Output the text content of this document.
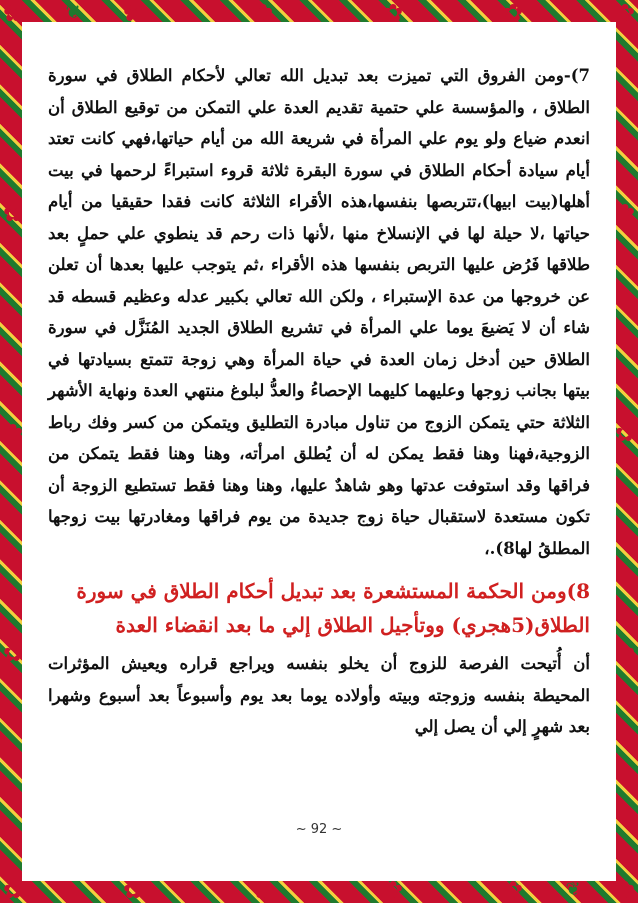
✿	✿
✿	✿
✿	✿	✿	✿
✿	✿	✿	✿
✿
✿
✿
✿
✿
✿
❦
❦

7)-ومن الفروق التي تميزت بعد تبديل الله تعالي لأحكام الطلاق في سورة الطلاق ، والمؤسسة علي حتمية تقديم العدة علي التمكن من توقيع الطلاق أن انعدم ضياع ولو يوم علي المرأة في شريعة الله من أيام حياتها،فهي كانت تعتد أيام سيادة أحكام الطلاق في سورة البقرة ثلاثة قروء استبراءً لرحمها في بيت أهلها(بيت ابيها)،تتربصها بنفسها،هذه الأقراء الثلاثة كانت فقدا حقيقيا من أيام حياتها ،لا حيلة لها في الإنسلاخ منها ،لأنها ذات رحم قد ينطوي علي حملٍ بعد طلاقها فَرُض عليها التربص بنفسها هذه الأقراء ،ثم يتوجب عليها بعدها أن تعلن عن خروجها من عدة الإستبراء ، ولكن الله تعالي بكبير عدله وعظيم قسطه قد شاء أن لا يَضيعَ يوما علي المرأة في تشريع الطلاق الجديد المُنَزَّل في سورة الطلاق حين أدخل زمان العدة في حياة المرأة وهي زوجة تتمتع بسيادتها في بيتها بجانب زوجها وعليهما كليهما الإحصاءُ والعدُّ لبلوغ منتهي العدة ونهاية الأشهر الثلاثة حتي يتمكن الزوج من تناول مبادرة التطليق ويتمكن من كسر وفك رباط الزوجية،فهنا وهنا فقط يمكن له أن يُطلق امرأته، وهنا وهنا فقط يتمكن من فراقها وقد استوفت عدتها وهو شاهدٌ عليها، وهنا وهنا فقط تستطيع الزوجة أن تكون مستعدة لاستقبال حياة زوج جديدة من يوم فراقها ومغادرتها بيت زوجها المطلقُ لها8).،

8)ومن الحكمة المستشعرة بعد تبديل أحكام الطلاق في سورة الطلاق(5هجري) ووتأجيل الطلاق إلي ما بعد انقضاء العدة

أن أُتيحت الفرصة للزوج أن يخلو بنفسه ويراجع قراره ويعيش المؤثرات المحيطة بنفسه وزوجته وبيته وأولاده يوما بعد يوم وأسبوعاً بعد أسبوع وشهرا بعد شهرٍ إلي أن يصل إلي

~ 92 ~
